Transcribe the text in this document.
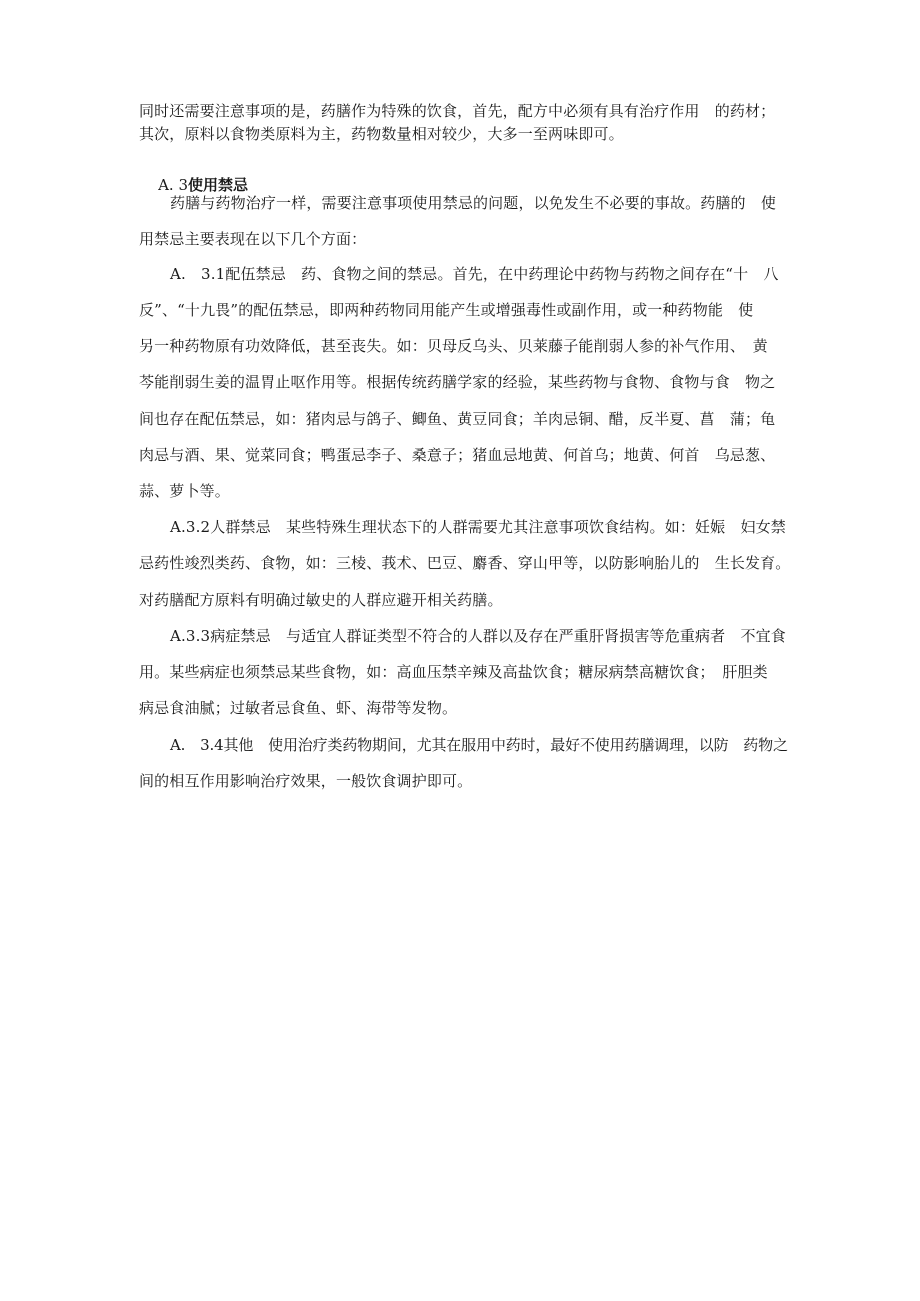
同时还需要注意事项的是，药膳作为特殊的饮食，首先，配方中必须有具有治疗作用　的药材；
其次，原料以食物类原料为主，药物数量相对较少，大多一至两味即可。

A. 3使用禁忌

药膳与药物治疗一样，需要注意事项使用禁忌的问题，以免发生不必要的事故。药膳的　使
用禁忌主要表现在以下几个方面：
A.　3.1配伍禁忌　药、食物之间的禁忌。首先，在中药理论中药物与药物之间存在“十　八
反”、“十九畏”的配伍禁忌，即两种药物同用能产生或增强毒性或副作用，或一种药物能　使
另一种药物原有功效降低，甚至丧失。如：贝母反乌头、贝莱藤子能削弱人参的补气作用、　黄
芩能削弱生姜的温胃止呕作用等。根据传统药膳学家的经验，某些药物与食物、食物与食　物之
间也存在配伍禁忌，如：猪肉忌与鸽子、鲫鱼、黄豆同食；羊肉忌铜、醋，反半夏、菖　蒲；龟
肉忌与酒、果、觉菜同食；鸭蛋忌李子、桑意子；猪血忌地黄、何首乌；地黄、何首　乌忌葱、
蒜、萝卜等。
A.3.2人群禁忌　某些特殊生理状态下的人群需要尤其注意事项饮食结构。如：妊娠　妇女禁
忌药性竣烈类药、食物，如：三棱、莪术、巴豆、麝香、穿山甲等，以防影响胎儿的　生长发育。
对药膳配方原料有明确过敏史的人群应避开相关药膳。
A.3.3病症禁忌　与适宜人群证类型不符合的人群以及存在严重肝肾损害等危重病者　不宜食
用。某些病症也须禁忌某些食物，如：高血压禁辛辣及高盐饮食；糖尿病禁高糖饮食；　肝胆类
病忌食油腻；过敏者忌食鱼、虾、海带等发物。
A.　3.4其他　使用治疗类药物期间，尤其在服用中药时，最好不使用药膳调理，以防　药物之
间的相互作用影响治疗效果，一般饮食调护即可。
